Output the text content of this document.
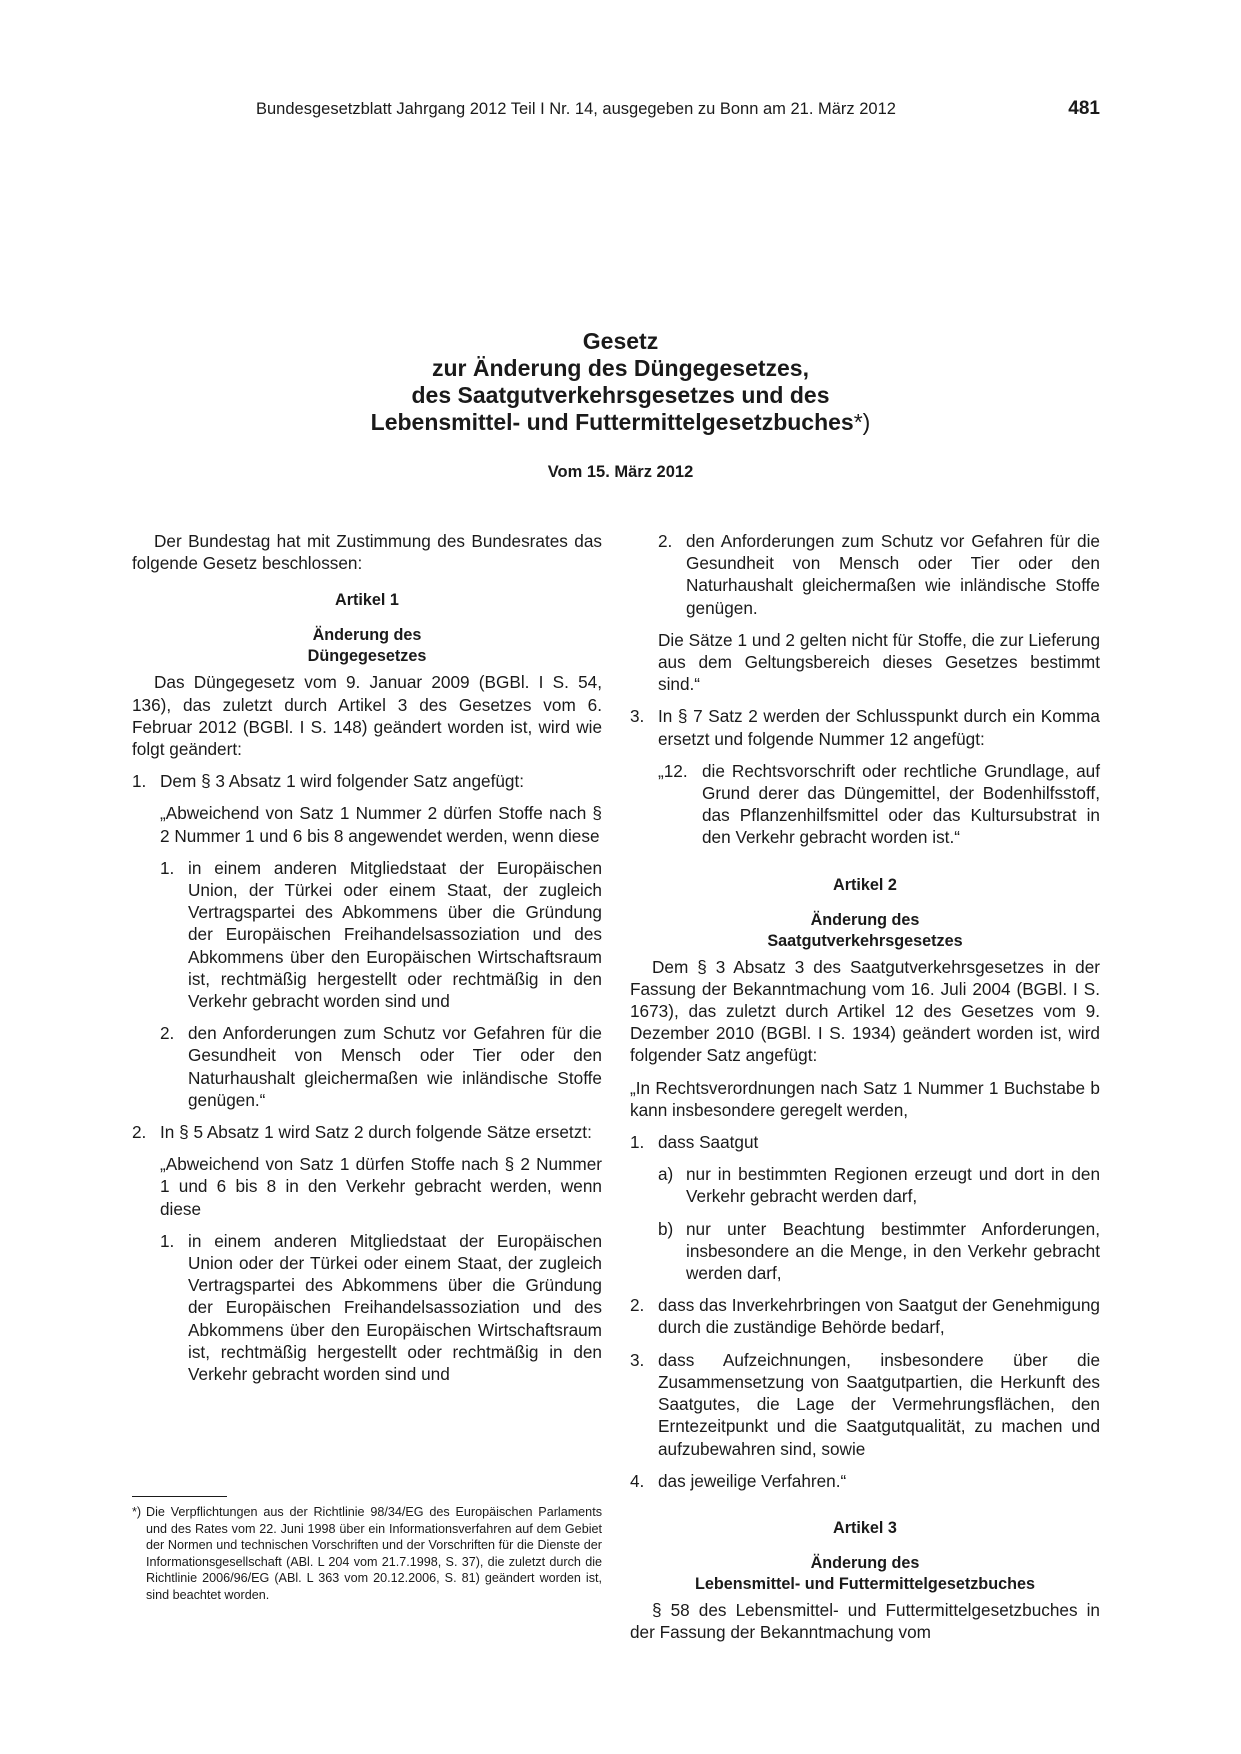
Bundesgesetzblatt Jahrgang 2012 Teil I Nr. 14, ausgegeben zu Bonn am 21. März 2012	481
Gesetz
zur Änderung des Düngegesetzes,
des Saatgutverkehrsgesetzes und des
Lebensmittel- und Futtermittelgesetzbuches*)
Vom 15. März 2012

Der Bundestag hat mit Zustimmung des Bundesrates das folgende Gesetz beschlossen:

Artikel 1
Änderung des
Düngegesetzes

Das Düngegesetz vom 9. Januar 2009 (BGBl. I S. 54, 136), das zuletzt durch Artikel 3 des Gesetzes vom 6. Februar 2012 (BGBl. I S. 148) geändert worden ist, wird wie folgt geändert:

1. Dem § 3 Absatz 1 wird folgender Satz angefügt:

„Abweichend von Satz 1 Nummer 2 dürfen Stoffe nach § 2 Nummer 1 und 6 bis 8 angewendet werden, wenn diese

1. in einem anderen Mitgliedstaat der Europäischen Union, der Türkei oder einem Staat, der zugleich Vertragspartei des Abkommens über die Gründung der Europäischen Freihandelsassoziation und des Abkommens über den Europäischen Wirtschaftsraum ist, rechtmäßig hergestellt oder rechtmäßig in den Verkehr gebracht worden sind und
2. den Anforderungen zum Schutz vor Gefahren für die Gesundheit von Mensch oder Tier oder den Naturhaushalt gleichermaßen wie inländische Stoffe genügen.“
2. In § 5 Absatz 1 wird Satz 2 durch folgende Sätze ersetzt:

„Abweichend von Satz 1 dürfen Stoffe nach § 2 Nummer 1 und 6 bis 8 in den Verkehr gebracht werden, wenn diese

1. in einem anderen Mitgliedstaat der Europäischen Union oder der Türkei oder einem Staat, der zugleich Vertragspartei des Abkommens über die Gründung der Europäischen Freihandelsassoziation und des Abkommens über den Europäischen Wirtschaftsraum ist, rechtmäßig hergestellt oder rechtmäßig in den Verkehr gebracht worden sind und
2. den Anforderungen zum Schutz vor Gefahren für die Gesundheit von Mensch oder Tier oder den Naturhaushalt gleichermaßen wie inländische Stoffe genügen.

Die Sätze 1 und 2 gelten nicht für Stoffe, die zur Lieferung aus dem Geltungsbereich dieses Gesetzes bestimmt sind.“

3. In § 7 Satz 2 werden der Schlusspunkt durch ein Komma ersetzt und folgende Nummer 12 angefügt:
„12. die Rechtsvorschrift oder rechtliche Grundlage, auf Grund derer das Düngemittel, der Bodenhilfsstoff, das Pflanzenhilfsmittel oder das Kultursubstrat in den Verkehr gebracht worden ist.“
Artikel 2
Änderung des
Saatgutverkehrsgesetzes

Dem § 3 Absatz 3 des Saatgutverkehrsgesetzes in der Fassung der Bekanntmachung vom 16. Juli 2004 (BGBl. I S. 1673), das zuletzt durch Artikel 12 des Gesetzes vom 9. Dezember 2010 (BGBl. I S. 1934) geändert worden ist, wird folgender Satz angefügt:

„In Rechtsverordnungen nach Satz 1 Nummer 1 Buchstabe b kann insbesondere geregelt werden,

1. dass Saatgut
a) nur in bestimmten Regionen erzeugt und dort in den Verkehr gebracht werden darf,
b) nur unter Beachtung bestimmter Anforderungen, insbesondere an die Menge, in den Verkehr gebracht werden darf,
2. dass das Inverkehrbringen von Saatgut der Genehmigung durch die zuständige Behörde bedarf,
3. dass Aufzeichnungen, insbesondere über die Zusammensetzung von Saatgutpartien, die Herkunft des Saatgutes, die Lage der Vermehrungsflächen, den Erntezeitpunkt und die Saatgutqualität, zu machen und aufzubewahren sind, sowie
4. das jeweilige Verfahren.“
Artikel 3
Änderung des
Lebensmittel- und Futtermittelgesetzbuches

§ 58 des Lebensmittel- und Futtermittelgesetzbuches in der Fassung der Bekanntmachung vom

*) Die Verpflichtungen aus der Richtlinie 98/34/EG des Europäischen Parlaments und des Rates vom 22. Juni 1998 über ein Informationsverfahren auf dem Gebiet der Normen und technischen Vorschriften und der Vorschriften für die Dienste der Informationsgesellschaft (ABl. L 204 vom 21.7.1998, S. 37), die zuletzt durch die Richtlinie 2006/96/EG (ABl. L 363 vom 20.12.2006, S. 81) geändert worden ist, sind beachtet worden.
